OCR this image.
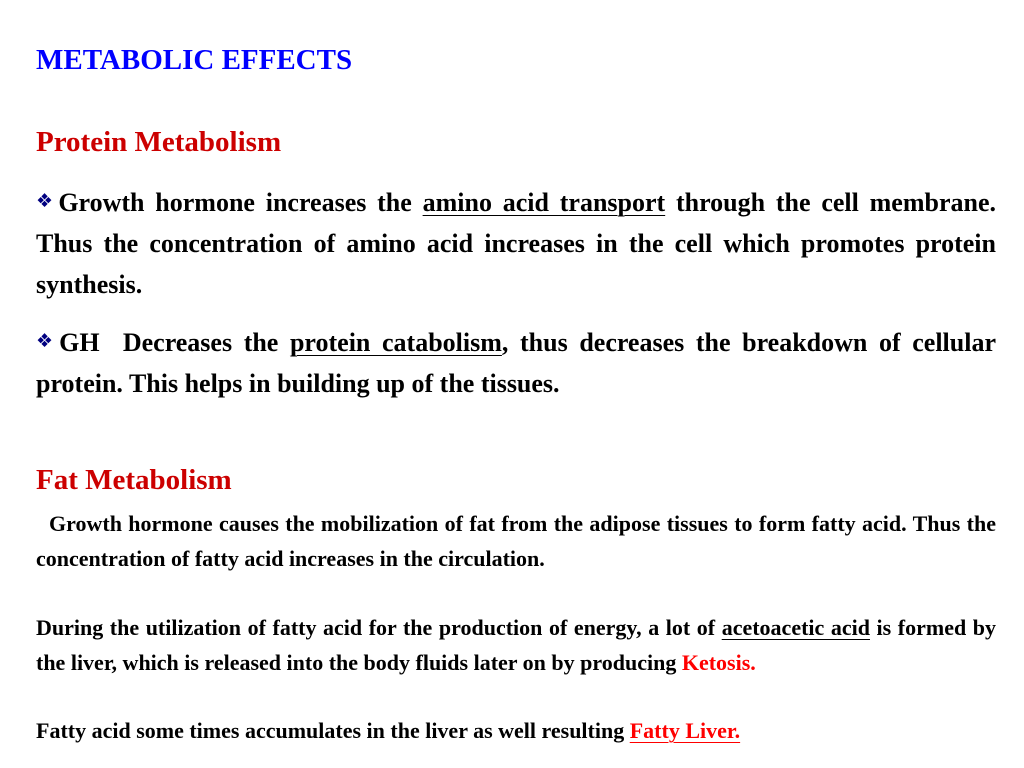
METABOLIC EFFECTS
Protein Metabolism
❖Growth hormone increases the amino acid transport through the cell membrane. Thus the concentration of amino acid increases in the cell which promotes protein synthesis.
❖GH  Decreases the protein catabolism, thus decreases the breakdown of cellular protein. This helps in building up of the tissues.
Fat Metabolism
Growth hormone causes the mobilization of fat from the adipose tissues to form fatty acid. Thus the concentration of fatty acid increases in the circulation.
During the utilization of fatty acid for the production of energy, a lot of acetoacetic acid is formed by the liver, which is released into the body fluids later on by producing Ketosis.
Fatty acid some times accumulates in the liver as well resulting Fatty Liver.
